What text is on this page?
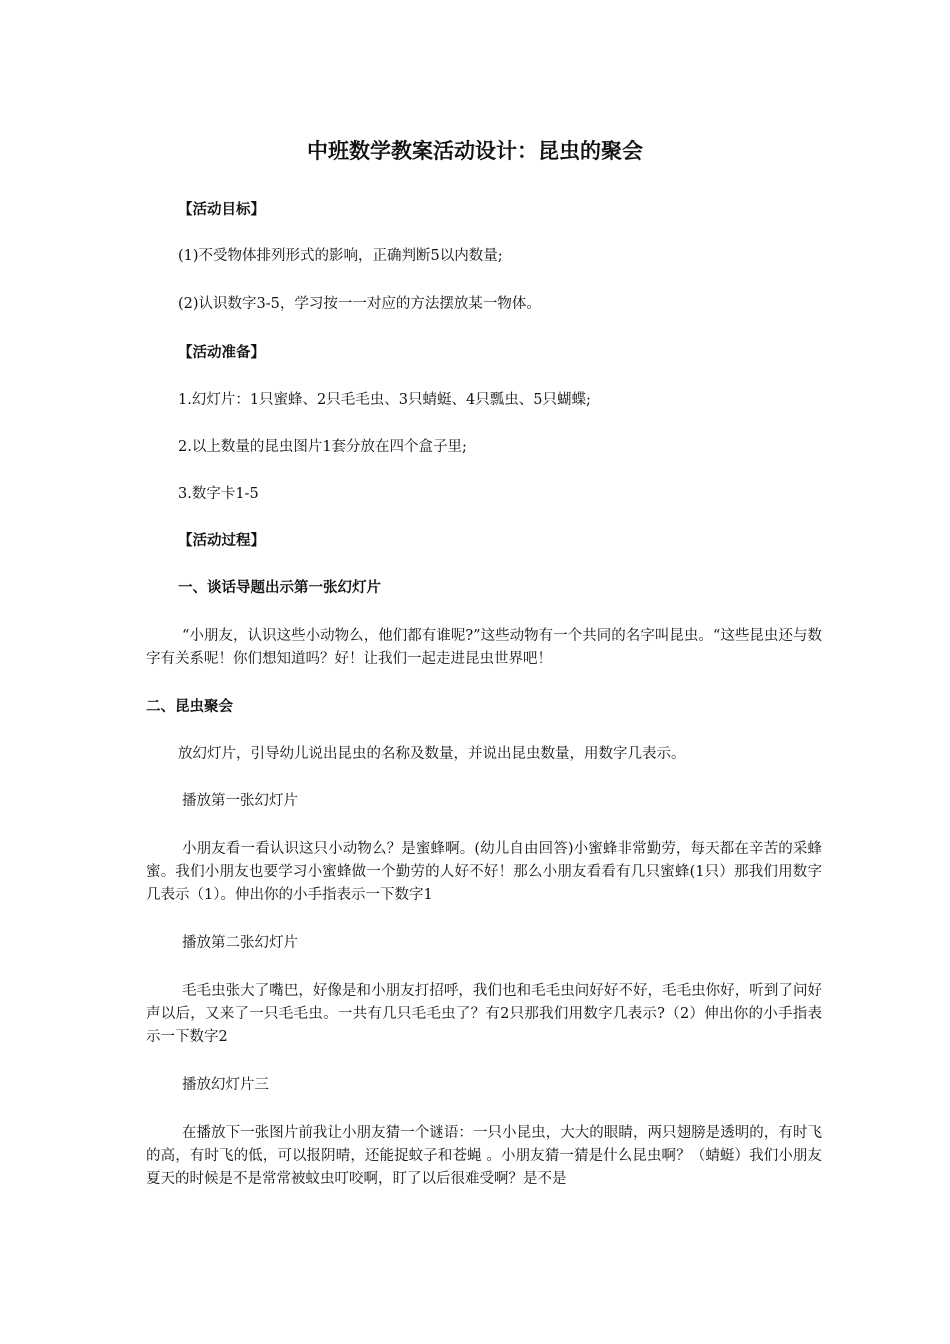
中班数学教案活动设计：昆虫的聚会

【活动目标】

(1)不受物体排列形式的影响，正确判断5以内数量;

(2)认识数字3-5，学习按一一对应的方法摆放某一物体。

【活动准备】

1.幻灯片：1只蜜蜂、2只毛毛虫、3只蜻蜓、4只瓢虫、5只蝴蝶;

2.以上数量的昆虫图片1套分放在四个盒子里;

3.数字卡1-5

【活动过程】

一、谈话导题出示第一张幻灯片

“小朋友，认识这些小动物么，他们都有谁呢?”这些动物有一个共同的名字叫昆虫。“这些昆虫还与数字有关系呢！你们想知道吗？好！让我们一起走进昆虫世界吧！

二、昆虫聚会

放幻灯片，引导幼儿说出昆虫的名称及数量，并说出昆虫数量，用数字几表示。

播放第一张幻灯片

小朋友看一看认识这只小动物么？是蜜蜂啊。(幼儿自由回答)小蜜蜂非常勤劳，每天都在辛苦的采蜂蜜。我们小朋友也要学习小蜜蜂做一个勤劳的人好不好！那么小朋友看看有几只蜜蜂(1只）那我们用数字几表示（1）。伸出你的小手指表示一下数字1

播放第二张幻灯片

毛毛虫张大了嘴巴，好像是和小朋友打招呼，我们也和毛毛虫问好好不好，毛毛虫你好，听到了问好声以后，又来了一只毛毛虫。一共有几只毛毛虫了？有2只那我们用数字几表示?（2）伸出你的小手指表示一下数字2

播放幻灯片三

在播放下一张图片前我让小朋友猜一个谜语：一只小昆虫，大大的眼睛，两只翅膀是透明的，有时飞的高，有时飞的低，可以报阴晴，还能捉蚊子和苍蝇 。小朋友猜一猜是什么昆虫啊？（蜻蜓）我们小朋友夏天的时候是不是常常被蚊虫叮咬啊，盯了以后很难受啊？是不是
